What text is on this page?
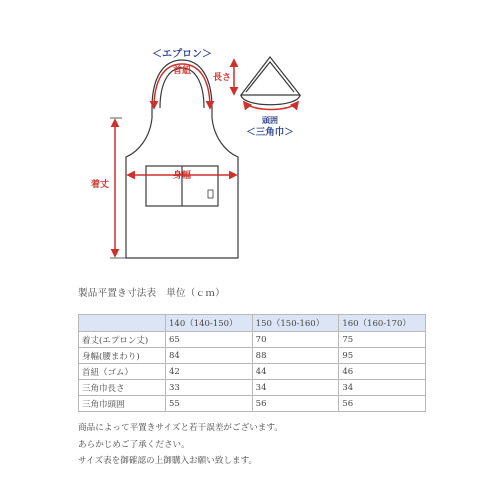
＜エプロン＞
首紐
身幅
着丈
長さ
頭囲
＜三角巾＞
製品平置き寸法表　単位（ｃｍ）
	140（140-150）	150（150-160）	160（160-170）
着丈(エプロン丈)	65	70	75
身幅(腰まわり)	84	88	95
首紐（ゴム）	42	44	46
三角巾長さ	33	34	34
三角巾頭囲	55	56	56
商品によって平置きサイズと若干誤差がございます。
あらかじめご了承ください。
サイズ表を御確認の上御購入お願い致します。
